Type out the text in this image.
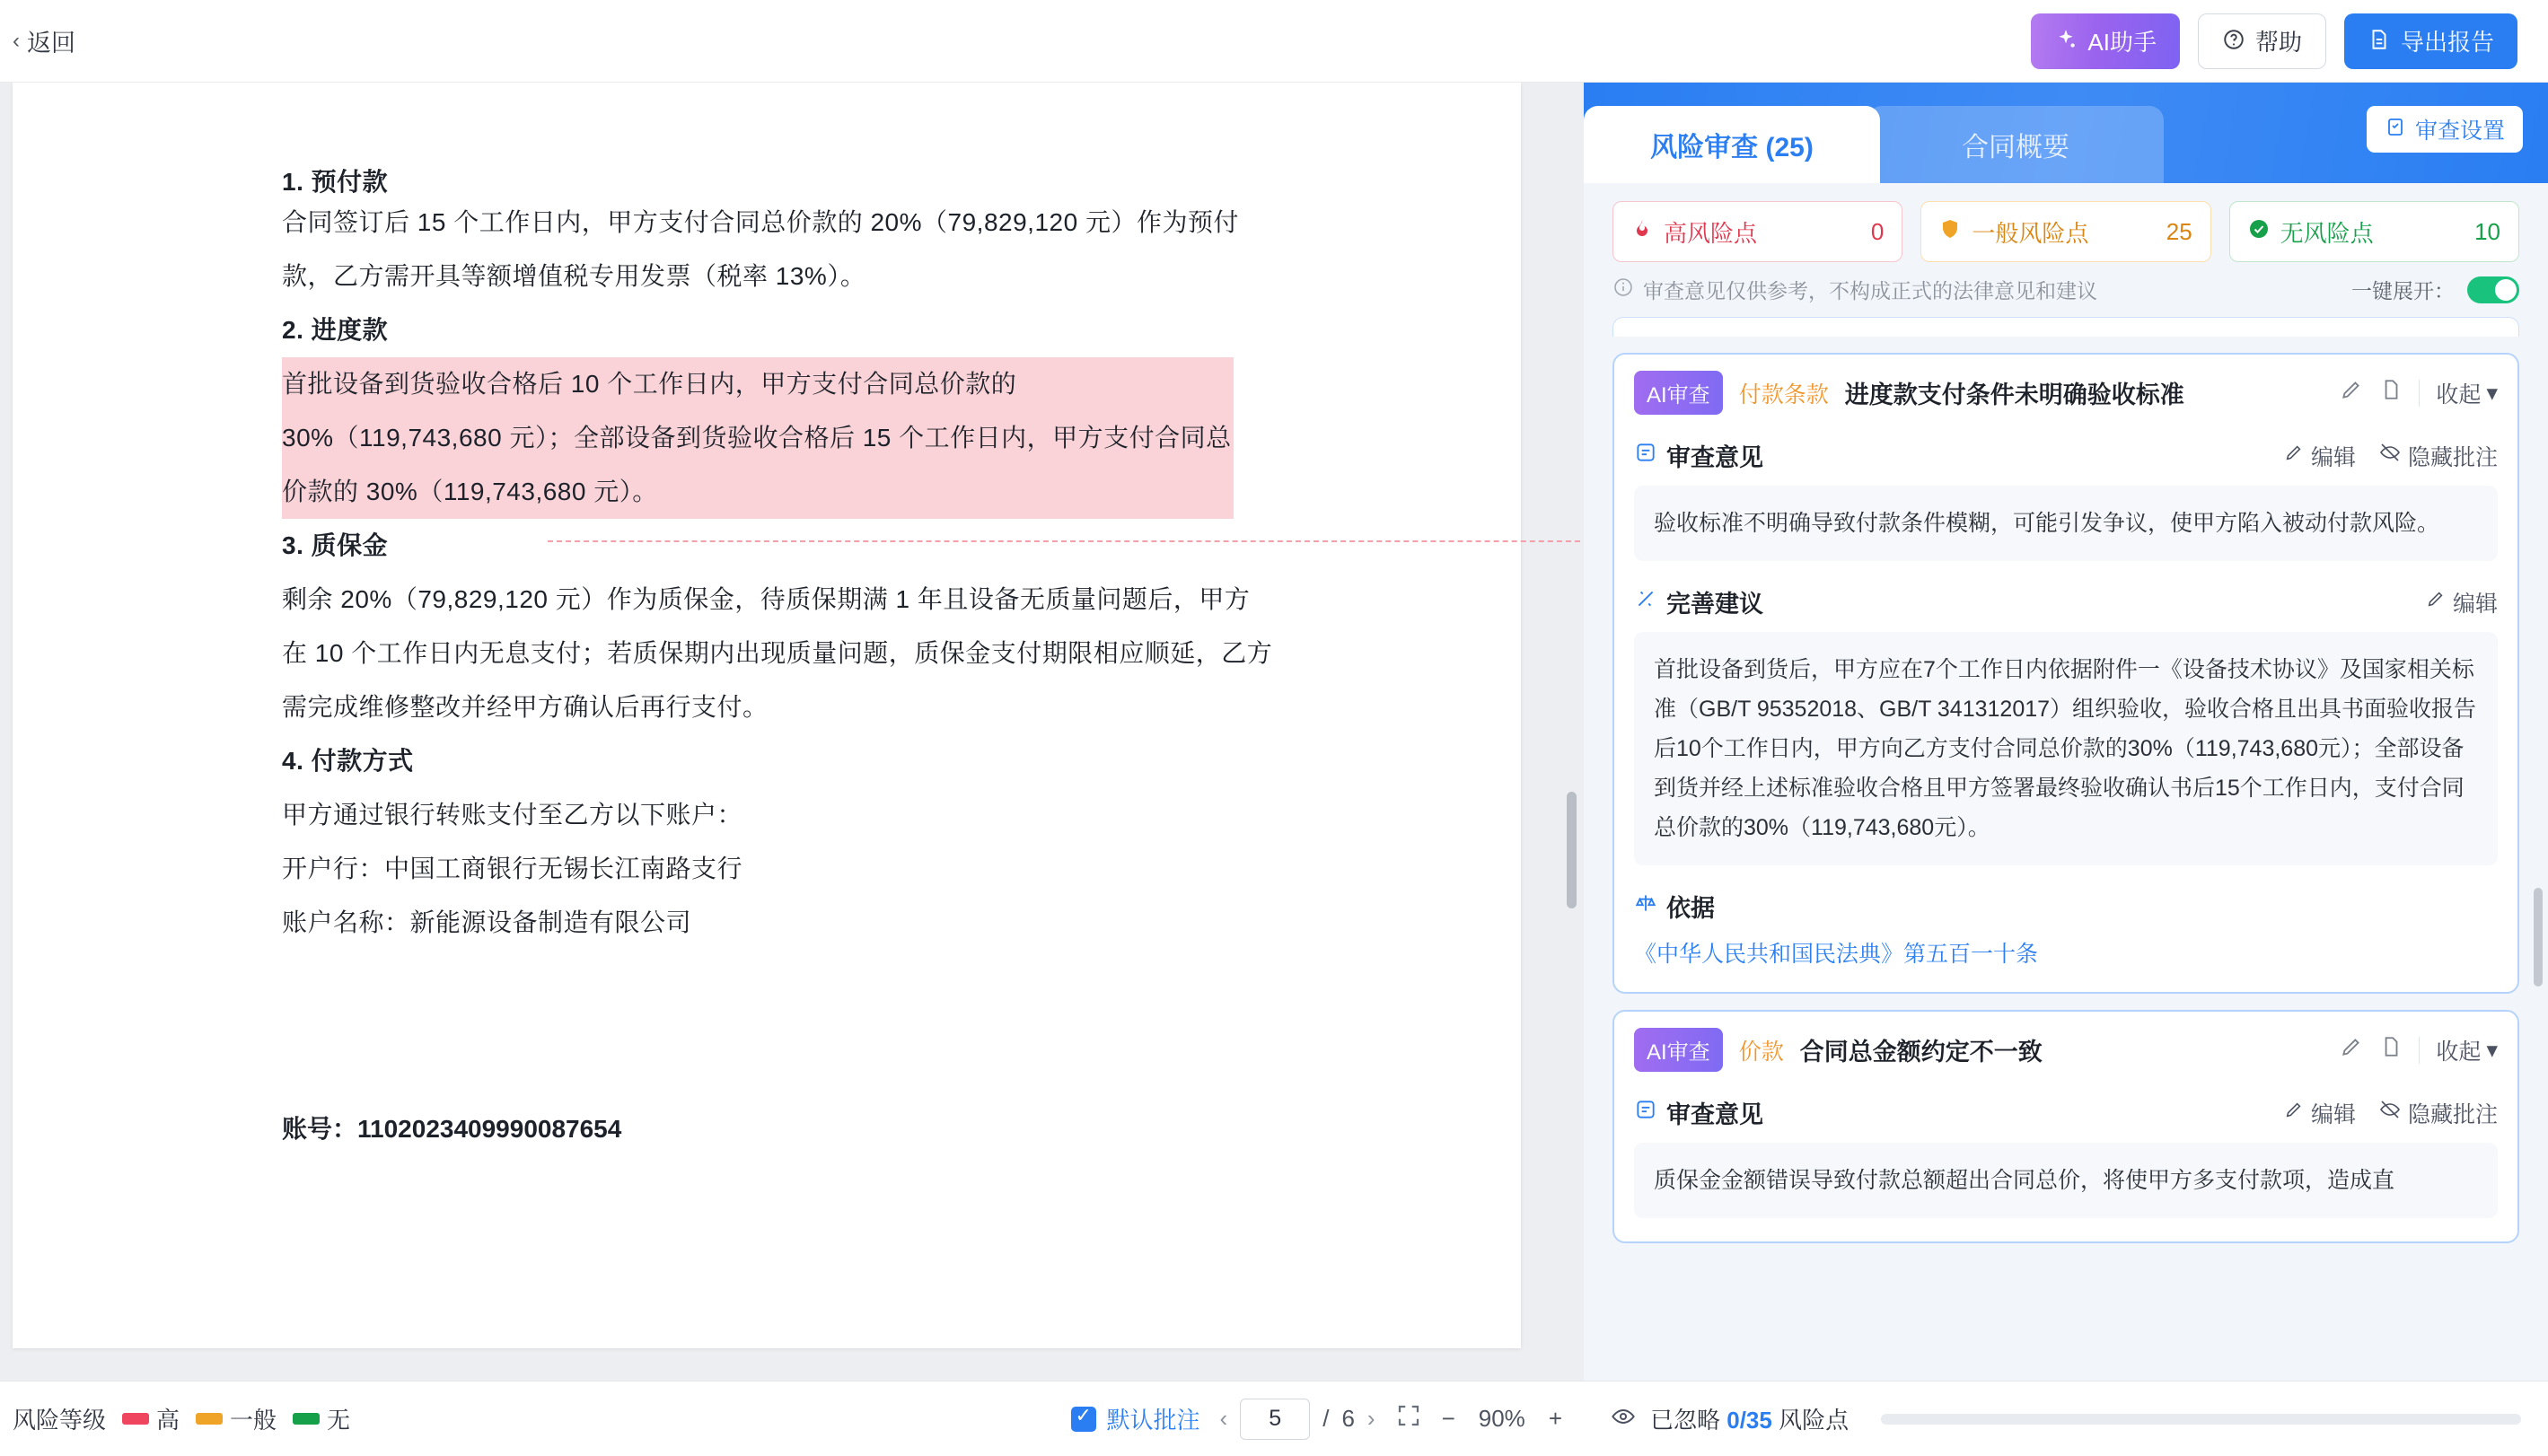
‹ 返回	AI助手	帮助	导出报告
1. 预付款
合同签订后 15 个工作日内，甲方支付合同总价款的 20%（79,829,120 元）作为预付
款，乙方需开具等额增值税专用发票（税率 13%）。
2. 进度款
首批设备到货验收合格后 10 个工作日内，甲方支付合同总价款的 30%（119,743,680 元）；全部设备到货验收合格后 15 个工作日内，甲方支付合同总价款的 30%（119,743,680 元）。
3. 质保金
剩余 20%（79,829,120 元）作为质保金，待质保期满 1 年且设备无质量问题后，甲方
在 10 个工作日内无息支付；若质保期内出现质量问题，质保金支付期限相应顺延，乙方
需完成维修整改并经甲方确认后再行支付。
4. 付款方式
甲方通过银行转账支付至乙方以下账户：
开户行：中国工商银行无锡长江南路支行
账户名称：新能源设备制造有限公司
账号：1102023409990087654
风险等级 高 一般 无 ✓	默认批注 ‹
5	/ 6 ›	− 90% +
风险审查 (25)	合同概要
审查设置
高风险点	0	一般风险点	25	无风险点	10
审查意见仅供参考，不构成正式的法律意见和建议	一键展开：
AI审查	付款条款 进度款支付条件未明确验收标准	收起 ▾
审查意见	编辑 隐藏批注
验收标准不明确导致付款条件模糊，可能引发争议，使甲方陷入被动付款风险。
完善建议	编辑
首批设备到货后，甲方应在7个工作日内依据附件一《设备技术协议》及国家相关标准（GB/T 95352018、GB/T 341312017）组织验收，验收合格且出具书面验收报告后10个工作日内，甲方向乙方支付合同总价款的30%（119,743,680元）；全部设备到货并经上述标准验收合格且甲方签署最终验收确认书后15个工作日内，支付合同总价款的30%（119,743,680元）。
依据
《中华人民共和国民法典》第五百一十条
AI审查	价款 合同总金额约定不一致	收起 ▾
审查意见	编辑 隐藏批注
质保金金额错误导致付款总额超出合同总价，将使甲方多支付款项，造成直
已忽略 0/35 风险点
